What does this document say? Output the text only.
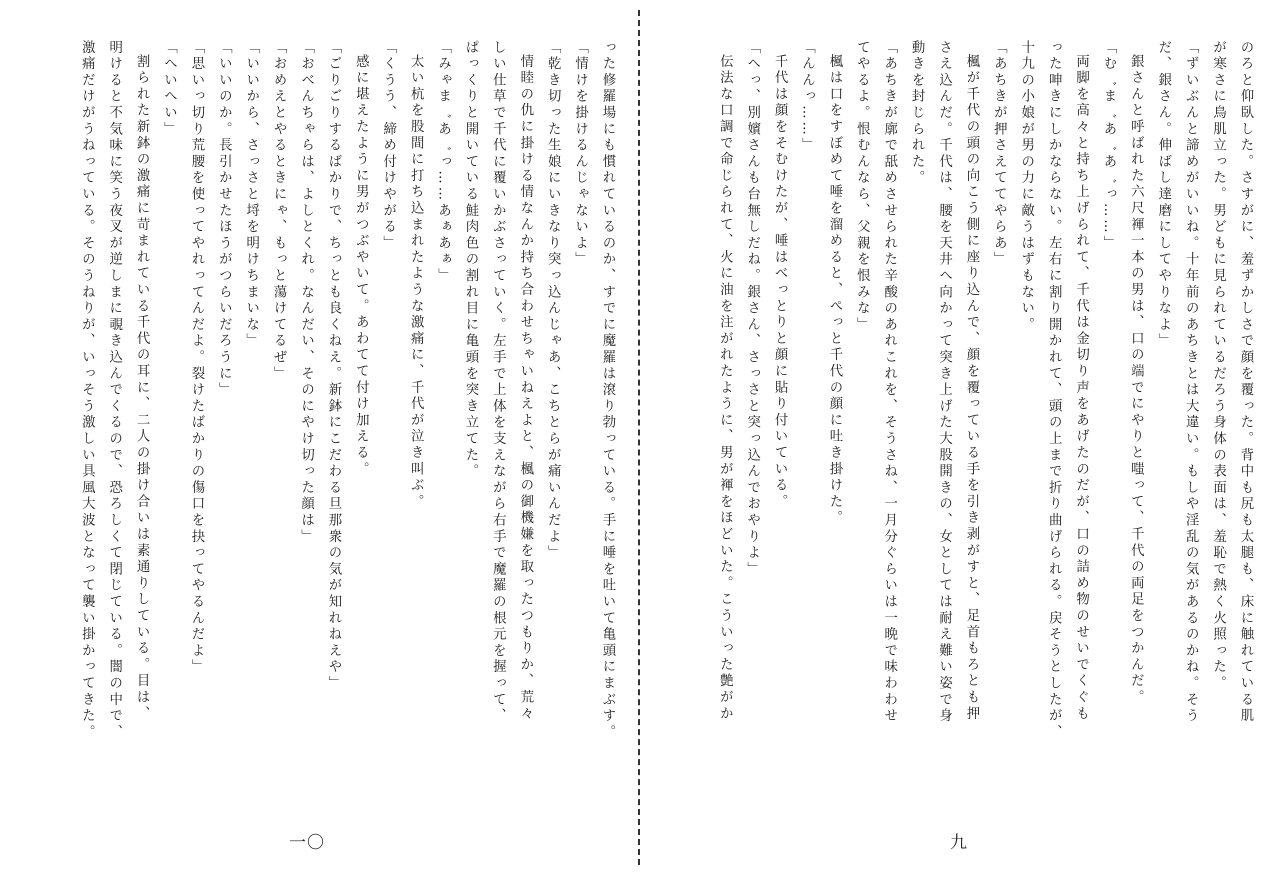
った修羅場にも慣れているのか、すでに魔羅は滾り勃っている。手に唾を吐いて亀頭にまぶす。
「情けを掛けるんじゃないよ」
「乾き切った生娘にいきなり突っ込んじゃあ、こちとらが痛いんだよ」
情睦の仇に掛ける情なんか持ち合わせちゃいねえよと、楓の御機嫌を取ったつもりか、荒々
しい仕草で千代に覆いかぶさっていく。左手で上体を支えながら右手で魔羅の根元を握って、
ぱっくりと開いている鮭肉色の割れ目に亀頭を突き立てた。
「みゃま゛あ゛っ……あぁあぁ」
太い杭を股間に打ち込まれたような激痛に、千代が泣き叫ぶ。
「くうう、締め付けやがる」
感に堪えたように男がつぶやいて。あわてて付け加える。
「ごりごりするばかりで、ちっとも良くねえ。新鉢にこだわる旦那衆の気が知れねえや」
「おべんちゃらは、よしとくれ。なんだい、そのにやけ切った顔は」
「おめえとやるときにゃ、もっと蕩けてるぜ」
「いいから、さっさと埒を明けちまいな」
「いいのか。長引かせたほうがつらいだろうに」
「思いっ切り荒腰を使ってやれってんだよ。裂けたばかりの傷口を抉ってやるんだよ」
「へいへい」
割られた新鉢の激痛に苛まれている千代の耳に、二人の掛け合いは素通りしている。目は、
明けると不気味に笑う夜叉が逆しまに覗き込んでくるので、恐ろしくて閉じている。闇の中で、
激痛だけがうねっている。そのうねりが、いっそう激しい具風大波となって襲い掛かってきた。
一〇
のろと仰臥した。さすがに、羞ずかしさで顔を覆った。背中も尻も太腿も、床に触れている肌
が寒さに鳥肌立った。男どもに見られているだろう身体の表面は、羞恥で熱く火照った。
「ずいぶんと諦めがいいね。十年前のあちきとは大違い。もしや淫乱の気があるのかね。そう
だ、銀さん。伸ばし達磨にしてやりなよ」
銀さんと呼ばれた六尺褌一本の男は、口の端でにやりと嗤って、千代の両足をつかんだ。
「む゛ま゛あ゛あ゛っ……」
両脚を高々と持ち上げられて、千代は金切り声をあげたのだが、口の詰め物のせいでくぐも
った呻きにしかならない。左右に割り開かれて、頭の上まで折り曲げられる。戻そうとしたが、
十九の小娘が男の力に敵うはずもない。
「あちきが押さえててやらあ」
楓が千代の頭の向こう側に座り込んで、顔を覆っている手を引き剥がすと、足首もろとも押
さえ込んだ。千代は、腰を天井へ向かって突き上げた大股開きの、女としては耐え難い姿で身
動きを封じられた。
「あちきが廓で舐めさせられた辛酸のあれこれを、そうさね、一月分ぐらいは一晩で味わわせ
てやるよ。恨むんなら、父親を恨みな」
楓は口をすぼめて唾を溜めると、ぺっと千代の顔に吐き掛けた。
「んんっ……」
千代は顔をそむけたが、唾はべっとりと顔に貼り付いている。
「へっ、別嬪さんも台無しだね。銀さん、さっさと突っ込んでおやりよ」
伝法な口調で命じられて、火に油を注がれたように、男が褌をほどいた。こういった艶がか
九
